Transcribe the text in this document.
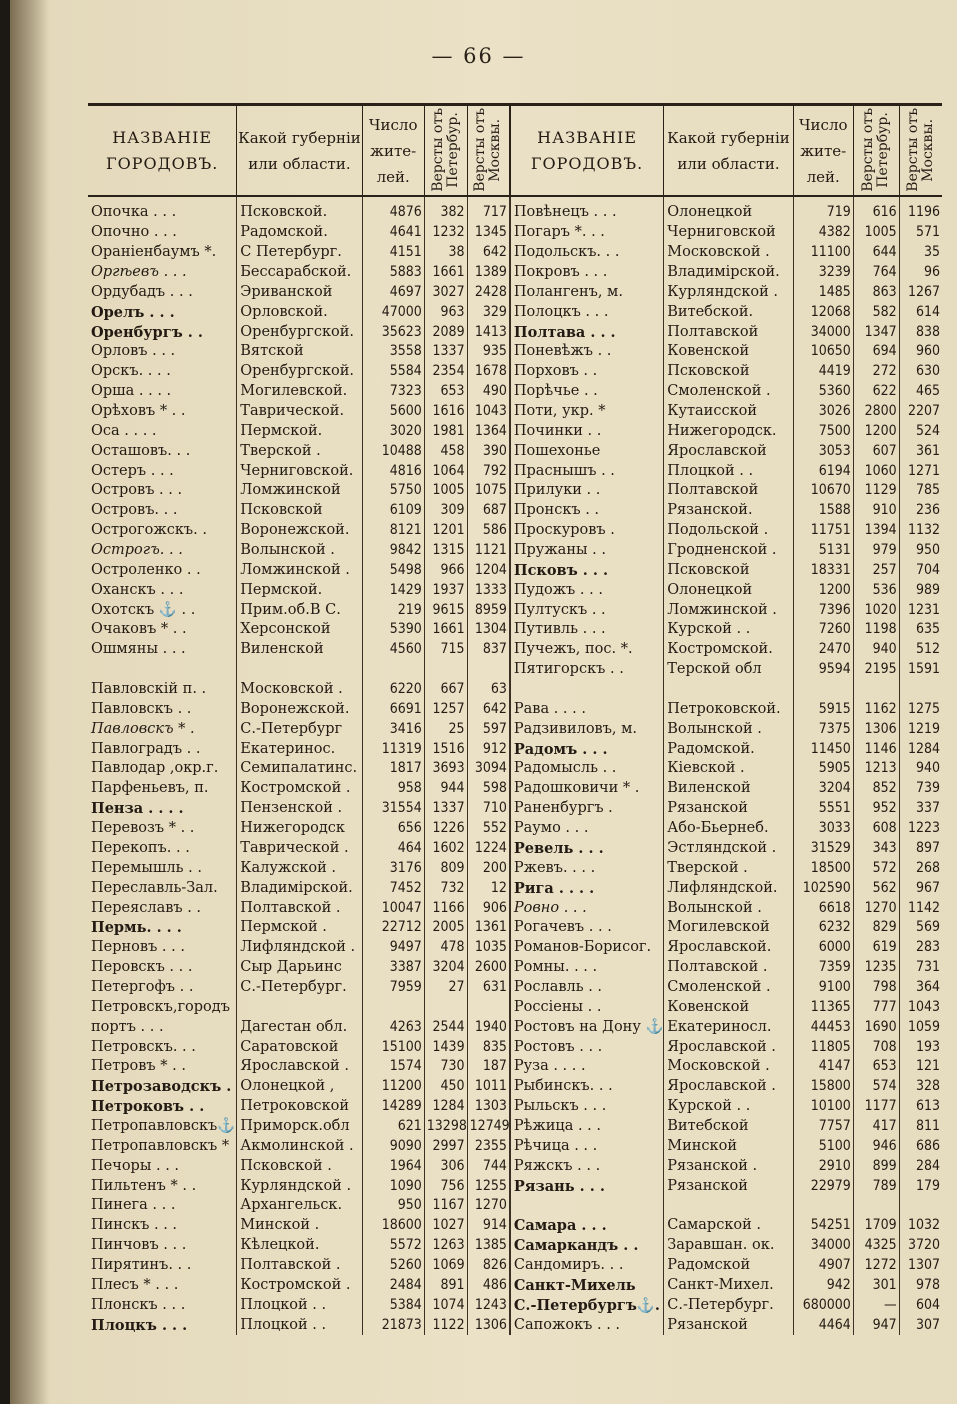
— 66 —
НАЗВАНІЕ
ГОРОДОВЪ.	Какой губерніи
или области.	Число
жите-
лей.	Версты отъ
Петербур.	Версты отъ
Москвы.	НАЗВАНІЕ
ГОРОДОВЪ.	Какой губерніи
или области.	Число
жите-
лей.	Версты отъ
Петербур.	Версты отъ
Москвы.

Опочка . . .	Псковской.	4876	382	717	Повѣнецъ . . .	Олонецкой	719	616	1196
Опочно . . .	Радомской.	4641	1232	1345	Погаръ *. . .	Черниговской	4382	1005	571
Ораніенбаумъ *.	С Петербург.	4151	38	642	Подольскъ. . .	Московской .	11100	644	35
Оргѣевъ . . .	Бессарабской.	5883	1661	1389	Покровъ . . .	Владимірской.	3239	764	96
Ордубадъ . . .	Эриванской	4697	3027	2428	Полангенъ, м.	Курляндской .	1485	863	1267
Орелъ . . .	Орловской.	47000	963	329	Полоцкъ . . .	Витебской.	12068	582	614
Оренбургъ . .	Оренбургской.	35623	2089	1413	Полтава . . .	Полтавской	34000	1347	838
Орловъ . . .	Вятской	3558	1337	935	Поневѣжъ . .	Ковенской	10650	694	960
Орскъ. . . .	Оренбургской.	5584	2354	1678	Порховъ . .	Псковской	4419	272	630
Орша . . . .	Могилевской.	7323	653	490	Порѣчье . .	Смоленской .	5360	622	465
Орѣховъ * . .	Таврической.	5600	1616	1043	Поти, укр. *	Кутаисской	3026	2800	2207
Оса . . . .	Пермской.	3020	1981	1364	Починки . .	Нижегородск.	7500	1200	524
Осташовъ. . .	Тверской .	10488	458	390	Пошехонье	Ярославской	3053	607	361
Остеръ . . .	Черниговской.	4816	1064	792	Праснышъ . .	Плоцкой . .	6194	1060	1271
Островъ . . .	Ломжинской	5750	1005	1075	Прилуки . .	Полтавской	10670	1129	785
Островъ. . .	Псковской	6109	309	687	Пронскъ . .	Рязанской.	1588	910	236
Острогожскъ. .	Воронежской.	8121	1201	586	Проскуровъ .	Подольской .	11751	1394	1132
Острогъ. . .	Волынской .	9842	1315	1121	Пружаны . .	Гродненской .	5131	979	950
Остроленко . .	Ломжинской .	5498	966	1204	Псковъ . . .	Псковской	18331	257	704
Оханскъ . . .	Пермской.	1429	1937	1333	Пудожъ . . .	Олонецкой	1200	536	989
Охотскъ ⚓ . .	Прим.об.В С.	219	9615	8959	Пултускъ . .	Ломжинской .	7396	1020	1231
Очаковъ * . .	Херсонской	5390	1661	1304	Путивль . . .	Курской . .	7260	1198	635
Ошмяны . . .	Виленской	4560	715	837	Пучежъ, пос. *.	Костромской.	2470	940	512
					Пятигорскъ . .	Терской обл	9594	2195	1591
Павловскій п. .	Московской .	6220	667	63					
Павловскъ . .	Воронежской.	6691	1257	642	Рава . . . .	Петроковской.	5915	1162	1275
Павловскъ * .	С.-Петербург	3416	25	597	Радзивиловъ, м.	Волынской .	7375	1306	1219
Павлоградъ . .	Екатеринос.	11319	1516	912	Радомъ . . .	Радомской.	11450	1146	1284
Павлодар ,окр.г.	Семипалатинс.	1817	3693	3094	Радомысль . .	Кіевской .	5905	1213	940
Парфеньевъ, п.	Костромской .	958	944	598	Радошковичи * .	Виленской	3204	852	739
Пенза . . . .	Пензенской .	31554	1337	710	Раненбургъ .	Рязанской	5551	952	337
Перевозъ * . .	Нижегородск	656	1226	552	Раумо . . .	Або-Бьернеб.	3033	608	1223
Перекопъ. . .	Таврической .	464	1602	1224	Ревель . . .	Эстляндской .	31529	343	897
Перемышль . .	Калужской .	3176	809	200	Ржевъ. . . .	Тверской .	18500	572	268
Переславль-Зал.	Владимірской.	7452	732	12	Рига . . . .	Лифляндской.	102590	562	967
Переяславъ . .	Полтавской .	10047	1166	906	Ровно . . .	Волынской .	6618	1270	1142
Пермь. . . .	Пермской .	22712	2005	1361	Рогачевъ . . .	Могилевской	6232	829	569
Перновъ . . .	Лифляндской .	9497	478	1035	Романов-Борисог.	Ярославской.	6000	619	283
Перовскъ . . .	Сыр Дарьинс	3387	3204	2600	Ромны. . . .	Полтавской .	7359	1235	731
Петергофъ . .	С.-Петербург.	7959	27	631	Рославль . .	Смоленской .	9100	798	364
Петровскъ,городъ					Россіены . .	Ковенской	11365	777	1043
портъ . . .	Дагестан обл.	4263	2544	1940	Ростовъ на Дону ⚓	Екатериносл.	44453	1690	1059
Петровскъ. . .	Саратовской	15100	1439	835	Ростовъ . . .	Ярославской .	11805	708	193
Петровъ * . .	Ярославской .	1574	730	187	Руза . . . .	Московской .	4147	653	121
Петрозаводскъ .	Олонецкой ,	11200	450	1011	Рыбинскъ. . .	Ярославской .	15800	574	328
Петроковъ . .	Петроковской	14289	1284	1303	Рыльскъ . . .	Курской . .	10100	1177	613
Петропавловскъ⚓	Приморск.обл	621	13298	12749	Рѣжица . . .	Витебской	7757	417	811
Петропавловскъ *	Акмолинской .	9090	2997	2355	Рѣчица . . .	Минской	5100	946	686
Печоры . . .	Псковской .	1964	306	744	Ряжскъ . . .	Рязанской .	2910	899	284
Пильтенъ * . .	Курляндской .	1090	756	1255	Рязань . . .	Рязанской	22979	789	179
Пинега . . .	Архангельск.	950	1167	1270					
Пинскъ . . .	Минской .	18600	1027	914	Самара . . .	Самарской .	54251	1709	1032
Пинчовъ . . .	Кѣлецкой.	5572	1263	1385	Самаркандъ . .	Заравшан. ок.	34000	4325	3720
Пирятинъ. . .	Полтавской .	5260	1069	826	Сандомиръ. . .	Радомской	4907	1272	1307
Плесъ * . . .	Костромской .	2484	891	486	Санкт-Михель	Санкт-Михел.	942	301	978
Плонскъ . . .	Плоцкой . .	5384	1074	1243	С.-Петербургъ⚓.	С.-Петербург.	680000	—	604
Плоцкъ . . .	Плоцкой . .	21873	1122	1306	Сапожокъ . . .	Рязанской	4464	947	307
